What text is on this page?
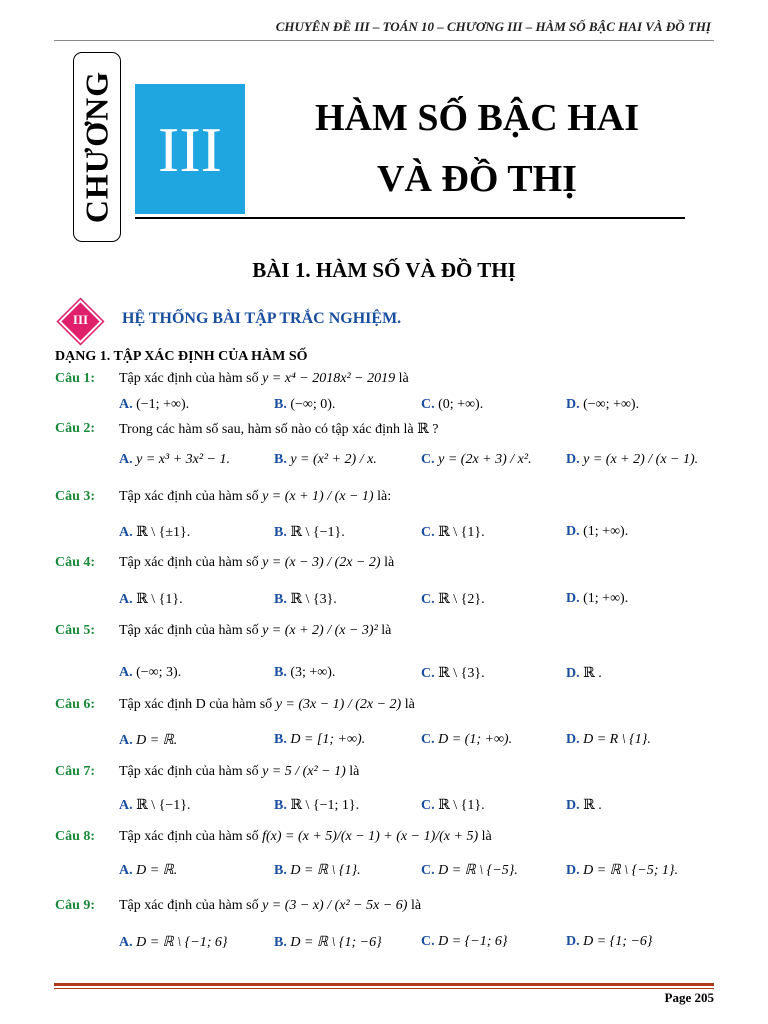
CHUYÊN ĐỀ III – TOÁN 10 – CHƯƠNG III – HÀM SỐ BẬC HAI VÀ ĐỒ THỊ
CHƯƠNG III	HÀM SỐ BẬC HAI
VÀ ĐỒ THỊ
BÀI 1. HÀM SỐ VÀ ĐỒ THỊ
III	HỆ THỐNG BÀI TẬP TRẮC NGHIỆM.
DẠNG 1. TẬP XÁC ĐỊNH CỦA HÀM SỐ
Câu 1: Tập xác định của hàm số y = x⁴ − 2018x² − 2019 là
A. (−1; +∞).	B. (−∞; 0).	C. (0; +∞).	D. (−∞; +∞).
Câu 2: Trong các hàm số sau, hàm số nào có tập xác định là ℝ ?
A. y = x³ + 3x² − 1.	B. y = (x² + 2) / x.	C. y = (2x + 3) / x². D. y = (x + 2) / (x − 1).
Câu 3: Tập xác định của hàm số y = (x + 1) / (x − 1) là:
A. ℝ \ {±1}.	B. ℝ \ {−1}.	C. ℝ \ {1}.	D. (1; +∞).
Câu 4: Tập xác định của hàm số y = (x − 3) / (2x − 2) là
A. ℝ \ {1}.	B. ℝ \ {3}.	C. ℝ \ {2}.	D. (1; +∞).
Câu 5: Tập xác định của hàm số y = (x + 2) / (x − 3)² là
A. (−∞; 3).	B. (3; +∞).	C. ℝ \ {3}.	D. ℝ .
Câu 6: Tập xác định D của hàm số y = (3x − 1) / (2x − 2) là
A. D = ℝ.	B. D = [1; +∞).	C. D = (1; +∞).	D. D = R \ {1}.
Câu 7: Tập xác định của hàm số y = 5 / (x² − 1) là
A. ℝ \ {−1}.	B. ℝ \ {−1; 1}.	C. ℝ \ {1}.	D. ℝ .
Câu 8: Tập xác định của hàm số f(x) = (x + 5)/(x − 1) + (x − 1)/(x + 5) là
A. D = ℝ.	B. D = ℝ \ {1}.	C. D = ℝ \ {−5}.	D. D = ℝ \ {−5; 1}.
Câu 9: Tập xác định của hàm số y = (3 − x) / (x² − 5x − 6) là
A. D = ℝ \ {−1; 6}	B. D = ℝ \ {1; −6}	C. D = {−1; 6}	D. D = {1; −6}
Page 205
